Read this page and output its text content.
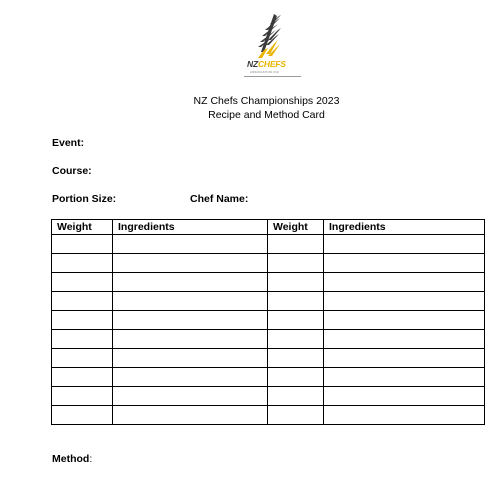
NZCHEFS
ASSOCIATION INC
NZ Chefs Championships 2023
Recipe and Method Card
Event:
Course:
Portion Size:	Chef Name:
Weight	Ingredients	Weight	Ingredients

Method:
